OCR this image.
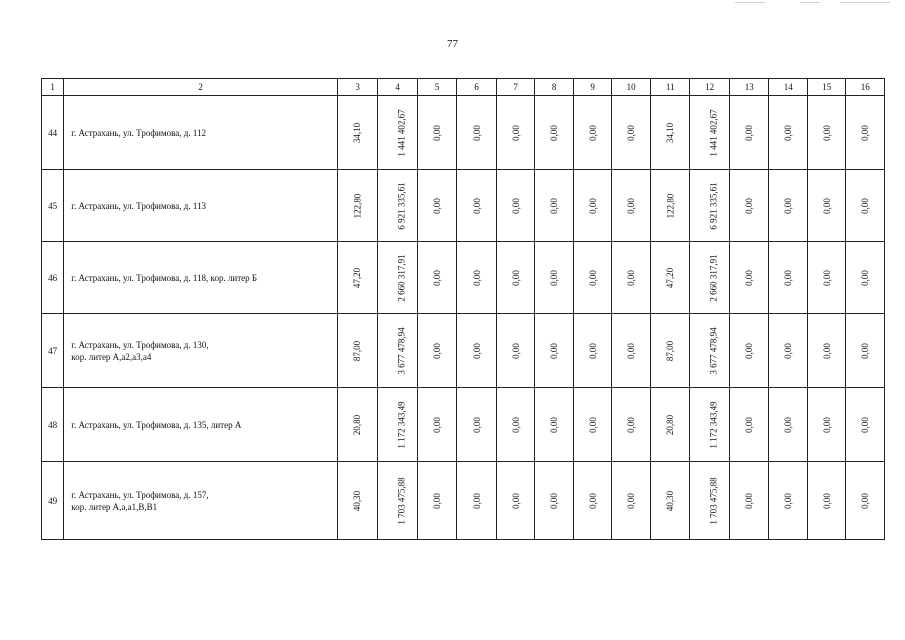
77
1	2	3	4	5	6	7	8	9	10	11	12	13	14	15	16
44	г. Астрахань, ул. Трофимова, д. 112	34,10	1 441 402,67	0,00	0,00	0,00	0,00	0,00	0,00	34,10	1 441 402,67	0,00	0,00	0,00	0,00
45	г. Астрахань, ул. Трофимова, д. 113	122,80	6 921 335,61	0,00	0,00	0,00	0,00	0,00	0,00	122,80	6 921 335,61	0,00	0,00	0,00	0,00
46	г. Астрахань, ул. Трофимова, д. 118, кор. литер Б	47,20	2 660 317,91	0,00	0,00	0,00	0,00	0,00	0,00	47,20	2 660 317,91	0,00	0,00	0,00	0,00
47	г. Астрахань, ул. Трофимова, д. 130,
кор. литер А,а2,а3,а4	87,00	3 677 478,94	0,00	0,00	0,00	0,00	0,00	0,00	87,00	3 677 478,94	0,00	0,00	0,00	0,00
48	г. Астрахань, ул. Трофимова, д. 135, литер А	20,80	1 172 343,49	0,00	0,00	0,00	0,00	0,00	0,00	20,80	1 172 343,49	0,00	0,00	0,00	0,00
49	г. Астрахань, ул. Трофимова, д. 157,
кор. литер А,а,а1,В,В1	40,30	1 703 475,88	0,00	0,00	0,00	0,00	0,00	0,00	40,30	1 703 475,88	0,00	0,00	0,00	0,00
